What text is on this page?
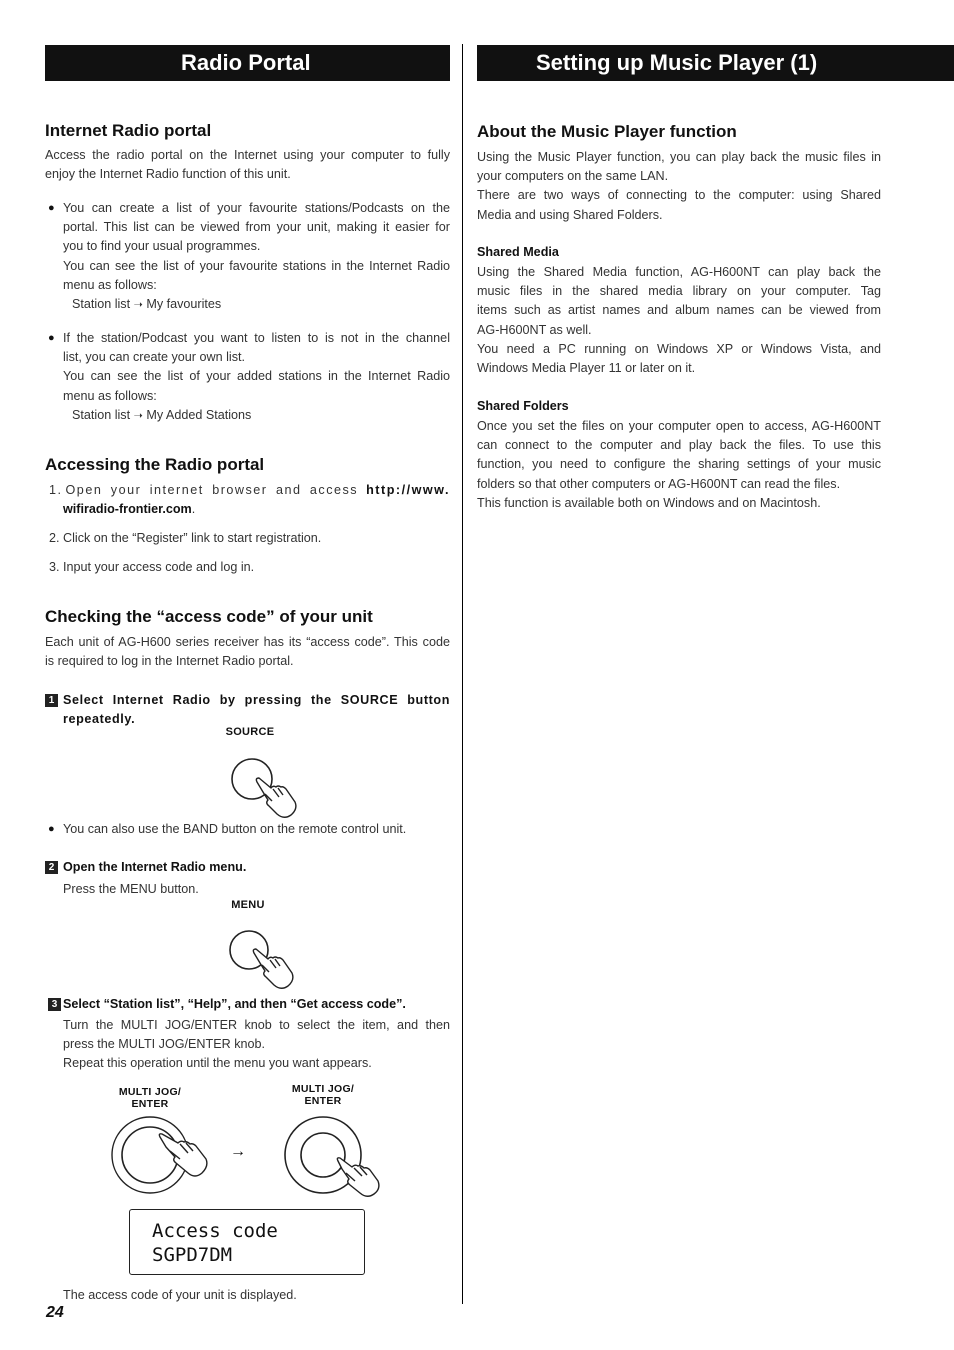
Radio Portal	Setting up Music Player (1)
Internet Radio portal
Access the radio portal on the Internet using your computer to fully
enjoy the Internet Radio function of this unit.
● You can create a list of your favourite stations/Podcasts on the
portal. This list can be viewed from your unit, making it easier for
you to find your usual programmes.
You can see the list of your favourite stations in the Internet Radio
menu as follows:
Station list ➝ My favourites
● If the station/Podcast you want to listen to is not in the channel
list, you can create your own list.
You can see the list of your added stations in the Internet Radio
menu as follows:
Station list ➝ My Added Stations
Accessing the Radio portal
1. Open your internet browser and access http://www.
wifiradio-frontier.com.
2. Click on the “Register” link to start registration.
3. Input your access code and log in.
Checking the “access code” of your unit
Each unit of AG-H600 series receiver has its “access code”. This code
is required to log in the Internet Radio portal.
1 Select Internet Radio by pressing the SOURCE button
repeatedly.
SOURCE
● You can also use the BAND button on the remote control unit.
2 Open the Internet Radio menu.
Press the MENU button.
MENU
3 Select “Station list”, “Help”, and then “Get access code”.
Turn the MULTI JOG/ENTER knob to select the item, and then
press the MULTI JOG/ENTER knob.
Repeat this operation until the menu you want appears.
MULTI JOG/
ENTER
MULTI JOG/
ENTER
→
Access code
SGPD7DM
The access code of your unit is displayed.
24
About the Music Player function
Using the Music Player function, you can play back the music files in
your computers on the same LAN.
There are two ways of connecting to the computer: using Shared
Media and using Shared Folders.
Shared Media
Using the Shared Media function, AG-H600NT can play back the
music files in the shared media library on your computer. Tag
items such as artist names and album names can be viewed from
AG-H600NT as well.
You need a PC running on Windows XP or Windows Vista, and
Windows Media Player 11 or later on it.
Shared Folders
Once you set the files on your computer open to access, AG-H600NT
can connect to the computer and play back the files. To use this
function, you need to configure the sharing settings of your music
folders so that other computers or AG-H600NT can read the files.
This function is available both on Windows and on Macintosh.
